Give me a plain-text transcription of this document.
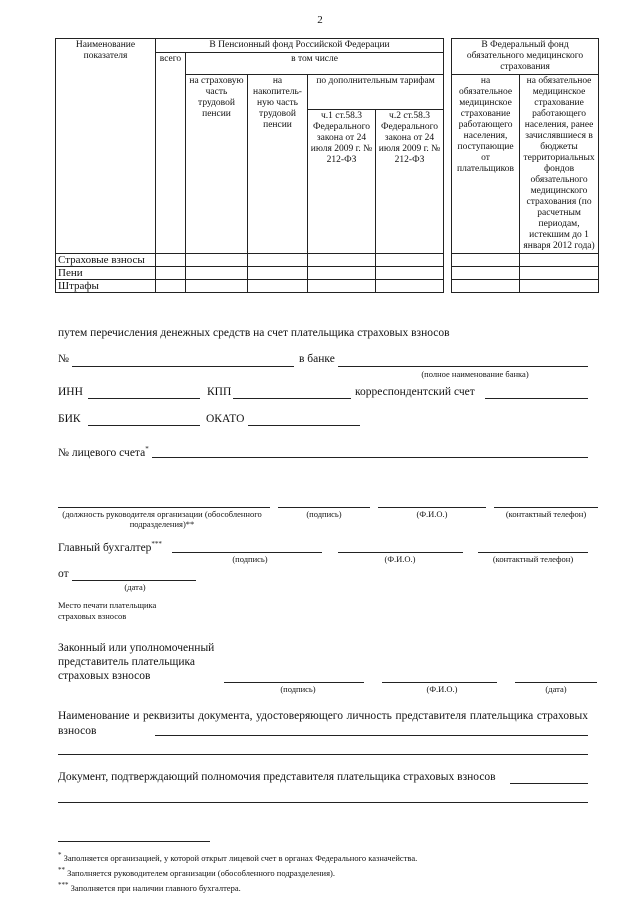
2
Наименование показателя	В Пенсионный фонд Российской Федерации						В Федеральный фонд обязательного медицинского страхования	
	всего	в том числе						
		на страховую часть трудовой пенсии	на накопитель-ную часть трудовой пенсии	по дополнительным тарифам			на обязательное медицинское страхование работающего населения, поступающие от плательщиков	на обязательное медицинское страхование работающего населения, ранее зачислявшиеся в бюджеты территориальных фондов обязательного медицинского страхования (по расчетным периодам, истекшим до 1 января 2012 года)
				ч.1 ст.58.3 Федерального закона от 24 июля 2009 г. № 212-ФЗ	ч.2 ст.58.3 Федерального закона от 24 июля 2009 г. № 212-ФЗ			
Страховые взносы								
Пени								
Штрафы								
путем перечисления денежных средств на счет плательщика страховых взносов
№	в банке
(полное наименование банка)
ИНН	КПП	корреспондентский счет
БИК	ОКАТО
№ лицевого счета*
(должность руководителя организации (обособленного подразделения)**
(подпись)	(Ф.И.О.)	(контактный телефон)
Главный бухгалтер***
(подпись)	(Ф.И.О.)	(контактный телефон)
от
(дата)
Место печати плательщика страховых взносов
Законный или уполномоченный представитель плательщика страховых взносов
(подпись)	(Ф.И.О.)	(дата)
Наименование и реквизиты документа, удостоверяющего личность представителя плательщика страховых взносов
Документ, подтверждающий полномочия представителя плательщика страховых взносов
* Заполняется организацией, у которой открыт лицевой счет в органах Федерального казначейства.
** Заполняется руководителем организации (обособленного подразделения).
*** Заполняется при наличии главного бухгалтера.
